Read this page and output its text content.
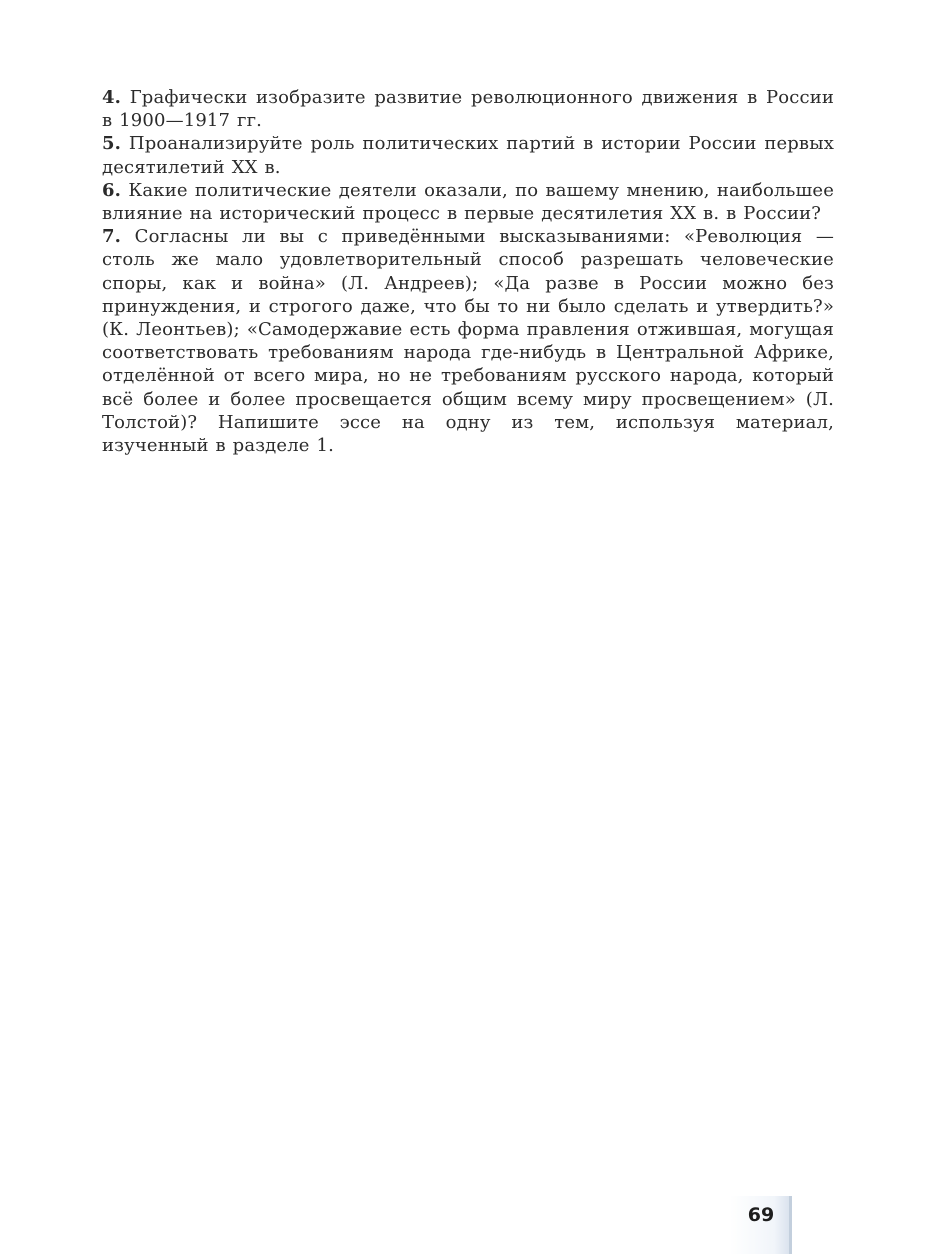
4. Графически изобразите развитие революционного движения в России в 1900—1917 гг.

5. Проанализируйте роль политических партий в истории России первых десятилетий XX в.

6. Какие политические деятели оказали, по вашему мнению, наибольшее влияние на исторический процесс в первые десятилетия XX в. в России?

7. Согласны ли вы с приведёнными высказываниями: «Революция — столь же мало удовлетворительный способ разрешать человеческие споры, как и война» (Л. Андреев); «Да разве в России можно без принуждения, и строгого даже, что бы то ни было сделать и утвердить?» (К. Леонтьев); «Самодержавие есть форма правления отжившая, могущая соответствовать требованиям народа где-нибудь в Центральной Африке, отделённой от всего мира, но не требованиям русского народа, который всё более и более просвещается общим всему миру просвещением» (Л. Толстой)? Напишите эссе на одну из тем, используя материал, изученный в разделе 1.

69
